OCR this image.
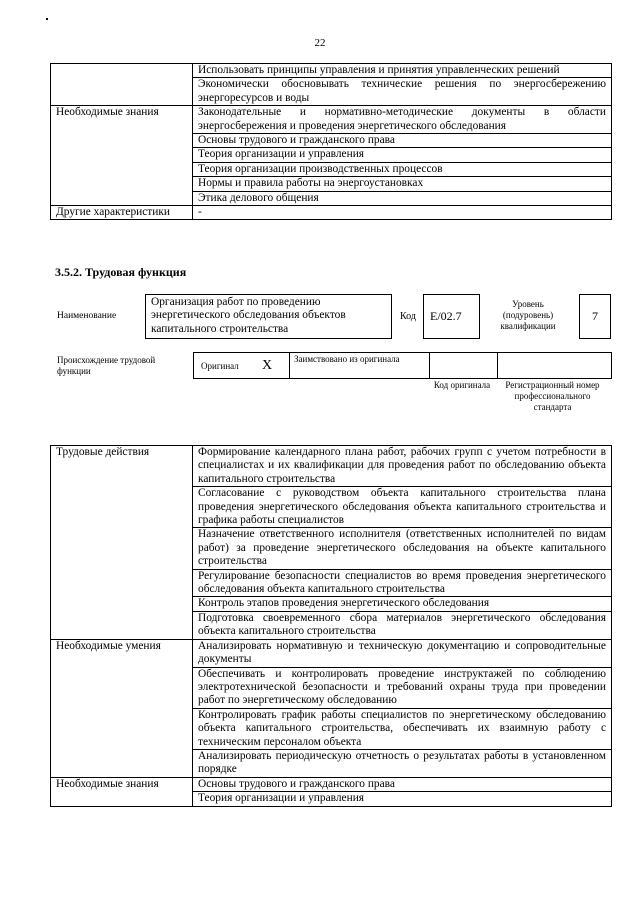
22
	Использовать принципы управления и принятия управленческих решений
	Экономически обосновывать технические решения по энергосбережению энергоресурсов и воды
Необходимые знания	Законодательные и нормативно-методические документы в области энергосбережения и проведения энергетического обследования
	Основы трудового и гражданского права
	Теория организации и управления
	Теория организации производственных процессов
	Нормы и правила работы на энергоустановках
	Этика делового общения
Другие характеристики	-
3.5.2. Трудовая функция
Наименование
Организация работ по проведению энергетического обследования объектов капитального строительства
Код	E/02.7
Уровень (подуровень) квалификации
7
Происхождение трудовой функции	Оригинал X Заимствовано из оригинала
Код оригинала	Регистрационный номер профессионального стандарта
Трудовые действия	Формирование календарного плана работ, рабочих групп с учетом потребности в специалистах и их квалификации для проведения работ по обследованию объекта капитального строительства
	Согласование с руководством объекта капитального строительства плана проведения энергетического обследования объекта капитального строительства и графика работы специалистов
	Назначение ответственного исполнителя (ответственных исполнителей по видам работ) за проведение энергетического обследования на объекте капитального строительства
	Регулирование безопасности специалистов во время проведения энергетического обследования объекта капитального строительства
	Контроль этапов проведения энергетического обследования
	Подготовка своевременного сбора материалов энергетического обследования объекта капитального строительства
Необходимые умения	Анализировать нормативную и техническую документацию и сопроводительные документы
	Обеспечивать и контролировать проведение инструктажей по соблюдению электротехнической безопасности и требований охраны труда при проведении работ по энергетическому обследованию
	Контролировать график работы специалистов по энергетическому обследованию объекта капитального строительства, обеспечивать их взаимную работу с техническим персоналом объекта
	Анализировать периодическую отчетность о результатах работы в установленном порядке
Необходимые знания	Основы трудового и гражданского права
	Теория организации и управления
